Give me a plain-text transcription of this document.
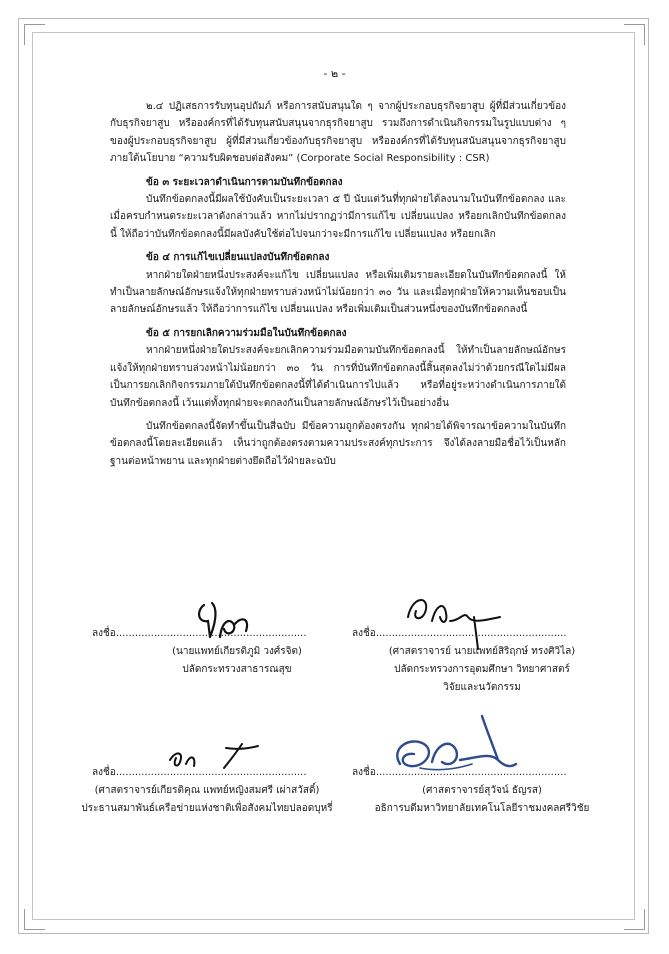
- ๒ -

๒.๔ ปฏิเสธการรับทุนอุปถัมภ์ หรือการสนับสนุนใด ๆ จากผู้ประกอบธุรกิจยาสูบ ผู้ที่มีส่วนเกี่ยวข้องกับธุรกิจยาสูบ หรือองค์กรที่ได้รับทุนสนับสนุนจากธุรกิจยาสูบ รวมถึงการดำเนินกิจกรรมในรูปแบบต่าง ๆ ของผู้ประกอบธุรกิจยาสูบ ผู้ที่มีส่วนเกี่ยวข้องกับธุรกิจยาสูบ หรือองค์กรที่ได้รับทุนสนับสนุนจากธุรกิจยาสูบภายใต้นโยบาย “ความรับผิดชอบต่อสังคม” (Corporate Social Responsibility : CSR)

ข้อ ๓ ระยะเวลาดำเนินการตามบันทึกข้อตกลง

บันทึกข้อตกลงนี้มีผลใช้บังคับเป็นระยะเวลา ๕ ปี นับแต่วันที่ทุกฝ่ายได้ลงนามในบันทึกข้อตกลง และเมื่อครบกำหนดระยะเวลาดังกล่าวแล้ว หากไม่ปรากฏว่ามีการแก้ไข เปลี่ยนแปลง หรือยกเลิกบันทึกข้อตกลงนี้ ให้ถือว่าบันทึกข้อตกลงนี้มีผลบังคับใช้ต่อไปจนกว่าจะมีการแก้ไข เปลี่ยนแปลง หรือยกเลิก

ข้อ ๔ การแก้ไขเปลี่ยนแปลงบันทึกข้อตกลง

หากฝ่ายใดฝ่ายหนึ่งประสงค์จะแก้ไข เปลี่ยนแปลง หรือเพิ่มเติมรายละเอียดในบันทึกข้อตกลงนี้ ให้ทำเป็นลายลักษณ์อักษรแจ้งให้ทุกฝ่ายทราบล่วงหน้าไม่น้อยกว่า ๓๐ วัน และเมื่อทุกฝ่ายให้ความเห็นชอบเป็นลายลักษณ์อักษรแล้ว ให้ถือว่าการแก้ไข เปลี่ยนแปลง หรือเพิ่มเติมเป็นส่วนหนึ่งของบันทึกข้อตกลงนี้

ข้อ ๕ การยกเลิกความร่วมมือในบันทึกข้อตกลง

หากฝ่ายหนึ่งฝ่ายใดประสงค์จะยกเลิกความร่วมมือตามบันทึกข้อตกลงนี้ ให้ทำเป็นลายลักษณ์อักษรแจ้งให้ทุกฝ่ายทราบล่วงหน้าไม่น้อยกว่า ๓๐ วัน การที่บันทึกข้อตกลงนี้สิ้นสุดลงไม่ว่าด้วยกรณีใดไม่มีผลเป็นการยกเลิกกิจกรรมภายใต้บันทึกข้อตกลงนี้ที่ได้ดำเนินการไปแล้ว หรือที่อยู่ระหว่างดำเนินการภายใต้บันทึกข้อตกลงนี้ เว้นแต่ทั้งทุกฝ่ายจะตกลงกันเป็นลายลักษณ์อักษรไว้เป็นอย่างอื่น

บันทึกข้อตกลงนี้จัดทำขึ้นเป็นสี่ฉบับ มีข้อความถูกต้องตรงกัน ทุกฝ่ายได้พิจารณาข้อความในบันทึกข้อตกลงนี้โดยละเอียดแล้ว เห็นว่าถูกต้องตรงตามความประสงค์ทุกประการ จึงได้ลงลายมือชื่อไว้เป็นหลักฐานต่อหน้าพยาน และทุกฝ่ายต่างยึดถือไว้ฝ่ายละฉบับ

ลงชื่อ............................................................
(นายแพทย์เกียรติภูมิ วงศ์รจิต)
ปลัดกระทรวงสาธารณสุข
ลงชื่อ............................................................
(ศาสตราจารย์ นายแพทย์สิริฤกษ์ ทรงศิวิไล)
ปลัดกระทรวงการอุดมศึกษา วิทยาศาสตร์
วิจัยและนวัตกรรม
ลงชื่อ............................................................
(ศาสตราจารย์เกียรติคุณ แพทย์หญิงสมศรี เผ่าสวัสดิ์)
ประธานสมาพันธ์เครือข่ายแห่งชาติเพื่อสังคมไทยปลอดบุหรี่
ลงชื่อ............................................................
(ศาสตราจารย์สุวัจน์ ธัญรส)
อธิการบดีมหาวิทยาลัยเทคโนโลยีราชมงคลศรีวิชัย
